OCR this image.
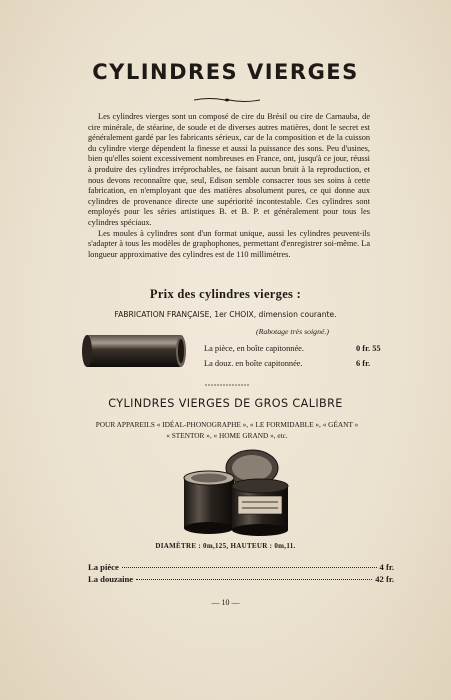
CYLINDRES VIERGES

Les cylindres vierges sont un composé de cire du Brésil ou cire de Carnauba, de cire minérale, de stéarine, de soude et de diverses autres matières, dont le secret est généralement gardé par les fabricants sérieux, car de la composition et de la cuisson du cylindre vierge dépendent la finesse et aussi la puissance des sons. Peu d'usines, bien qu'elles soient excessivement nombreuses en France, ont, jusqu'à ce jour, réussi à produire des cylindres irréprochables, ne faisant aucun bruit à la reproduction, et nous devons reconnaître que, seul, Edison semble consacrer tous ses soins à cette fabrication, en n'employant que des matières absolument pures, ce qui donne aux cylindres de provenance directe une supériorité incontestable. Ces cylindres sont employés pour les séries artistiques B. et B. P. et généralement pour tous les cylindres spéciaux.

Les moules à cylindres sont d'un format unique, aussi les cylindres peuvent-ils s'adapter à tous les modèles de graphophones, permettant d'enregistrer soi-même. La longueur approximative des cylindres est de 110 millimètres.

Prix des cylindres vierges :
FABRICATION FRANÇAISE, 1er CHOIX, dimension courante.
(Rabotage très soigné.)
La pièce, en boîte capitonnée.	0 fr. 55
La douz. en boîte capitonnée.	6 fr.
CYLINDRES VIERGES DE GROS CALIBRE
POUR APPAREILS « IDÉAL-PHONOGRAPHE », « LE FORMIDABLE », « GÉANT »
« STENTOR », « HOME GRAND », etc.
DIAMÈTRE : 0m,125, HAUTEUR : 0m,11.
La pièce	4 fr.
La douzaine	42 fr.
— 10 —
